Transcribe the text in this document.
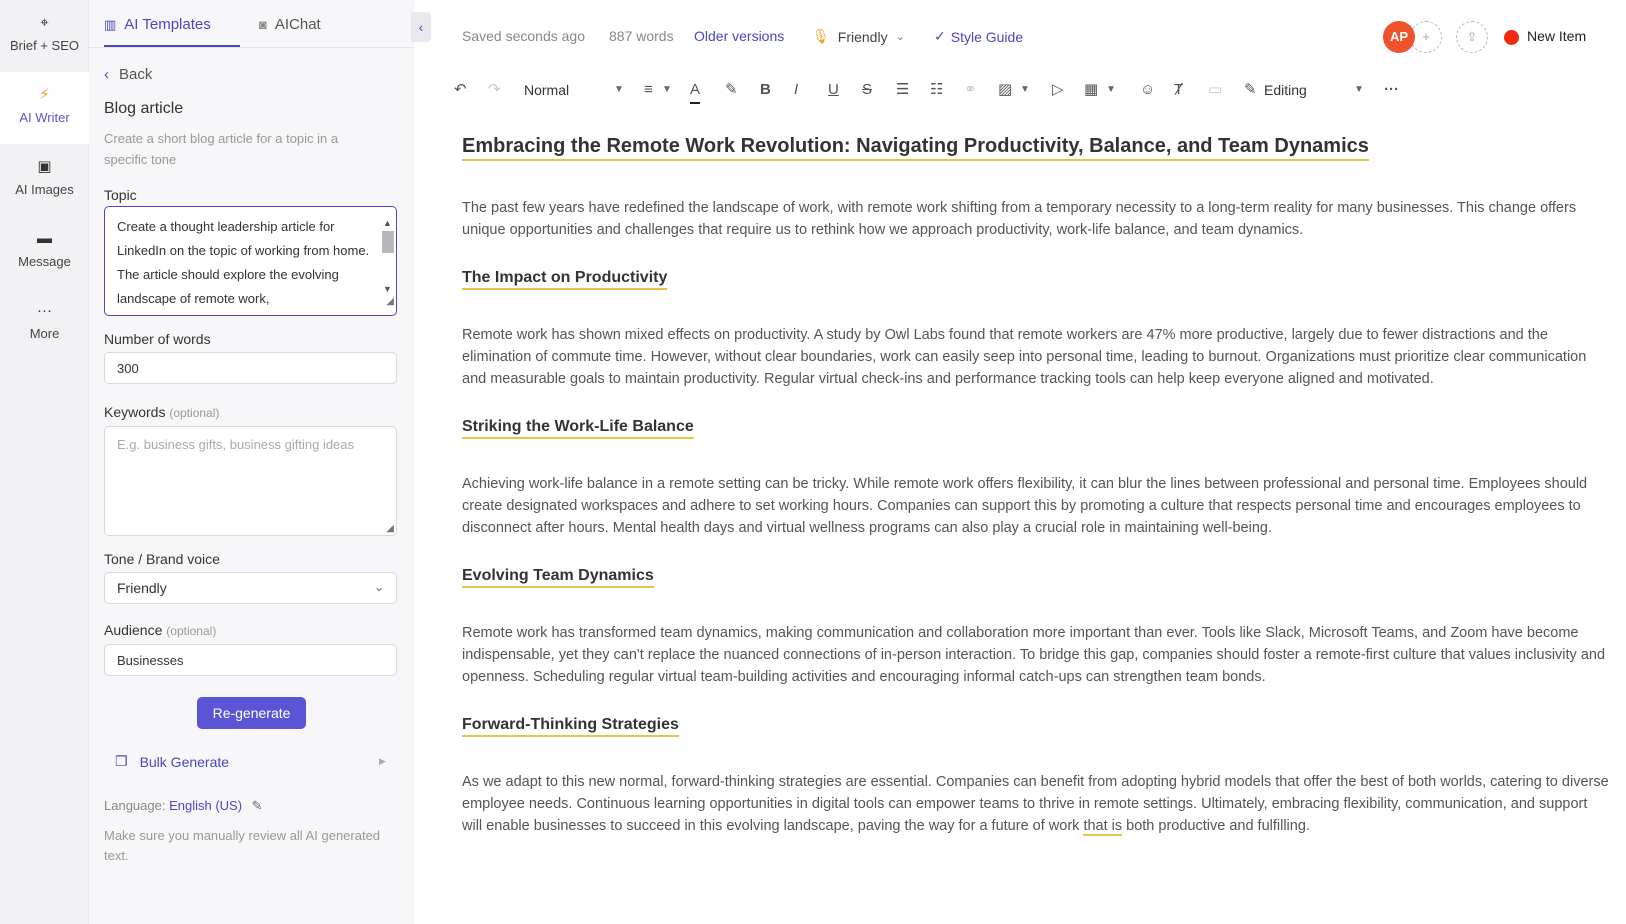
⌖
Brief + SEO
⚡
AI Writer
▣
AI Images
▬
Message
···
More
▥ AI Templates	◙ AIChat	‹
‹ Back
Blog article
Create a short blog article for a topic in a specific tone
Topic
Create a thought leadership article for LinkedIn on the topic of working from home. The article should explore the evolving landscape of remote work,
▲
▼
◢
Number of words
300
Keywords (optional)
E.g. business gifts, business gifting ideas
◢
Tone / Brand voice
Friendly	⌄
Audience (optional)
Businesses
Re-generate
❐ Bulk Generate	▶
Language: English (US) ✎
Make sure you manually review all AI generated text.
Saved seconds ago 887 words Older versions 🎙 Friendly ⌄ ✓ Style Guide	+
AP	⇪	New Item
↶ ↷ Normal	▼ ≡ ▼ A ✎ B I U S ☰ ☷ ⚭ ▨ ▼ ▷ ▦ ▼ ☺ Ⱦ ▭ ✎ Editing	▼ ···
Embracing the Remote Work Revolution: Navigating Productivity, Balance, and Team Dynamics

The past few years have redefined the landscape of work, with remote work shifting from a temporary necessity to a long-term reality for many businesses. This change offers unique opportunities and challenges that require us to rethink how we approach productivity, work-life balance, and team dynamics.

The Impact on Productivity

Remote work has shown mixed effects on productivity. A study by Owl Labs found that remote workers are 47% more productive, largely due to fewer distractions and the elimination of commute time. However, without clear boundaries, work can easily seep into personal time, leading to burnout. Organizations must prioritize clear communication and measurable goals to maintain productivity. Regular virtual check-ins and performance tracking tools can help keep everyone aligned and motivated.

Striking the Work-Life Balance

Achieving work-life balance in a remote setting can be tricky. While remote work offers flexibility, it can blur the lines between professional and personal time. Employees should create designated workspaces and adhere to set working hours. Companies can support this by promoting a culture that respects personal time and encourages employees to disconnect after hours. Mental health days and virtual wellness programs can also play a crucial role in maintaining well-being.

Evolving Team Dynamics

Remote work has transformed team dynamics, making communication and collaboration more important than ever. Tools like Slack, Microsoft Teams, and Zoom have become indispensable, yet they can't replace the nuanced connections of in-person interaction. To bridge this gap, companies should foster a remote-first culture that values inclusivity and openness. Scheduling regular virtual team-building activities and encouraging informal catch-ups can strengthen team bonds.

Forward-Thinking Strategies

As we adapt to this new normal, forward-thinking strategies are essential. Companies can benefit from adopting hybrid models that offer the best of both worlds, catering to diverse employee needs. Continuous learning opportunities in digital tools can empower teams to thrive in remote settings. Ultimately, embracing flexibility, communication, and support will enable businesses to succeed in this evolving landscape, paving the way for a future of work that is both productive and fulfilling.
